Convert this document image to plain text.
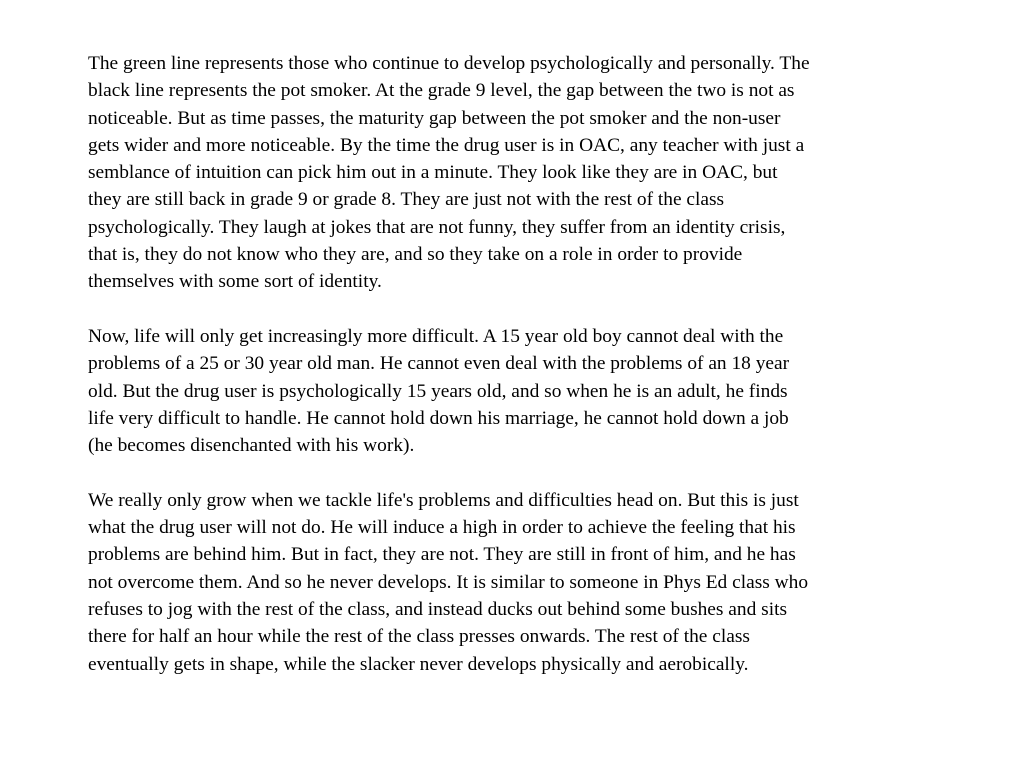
The green line represents those who continue to develop psychologically and personally. The
black line represents the pot smoker. At the grade 9 level, the gap between the two is not as
noticeable. But as time passes, the maturity gap between the pot smoker and the non-user
gets wider and more noticeable. By the time the drug user is in OAC, any teacher with just a
semblance of intuition can pick him out in a minute. They look like they are in OAC, but
they are still back in grade 9 or grade 8. They are just not with the rest of the class
psychologically. They laugh at jokes that are not funny, they suffer from an identity crisis,
that is, they do not know who they are, and so they take on a role in order to provide
themselves with some sort of identity.

Now, life will only get increasingly more difficult. A 15 year old boy cannot deal with the
problems of a 25 or 30 year old man. He cannot even deal with the problems of an 18 year
old. But the drug user is psychologically 15 years old, and so when he is an adult, he finds
life very difficult to handle. He cannot hold down his marriage, he cannot hold down a job
(he becomes disenchanted with his work).

We really only grow when we tackle life's problems and difficulties head on. But this is just
what the drug user will not do. He will induce a high in order to achieve the feeling that his
problems are behind him. But in fact, they are not. They are still in front of him, and he has
not overcome them. And so he never develops. It is similar to someone in Phys Ed class who
refuses to jog with the rest of the class, and instead ducks out behind some bushes and sits
there for half an hour while the rest of the class presses onwards. The rest of the class
eventually gets in shape, while the slacker never develops physically and aerobically.
